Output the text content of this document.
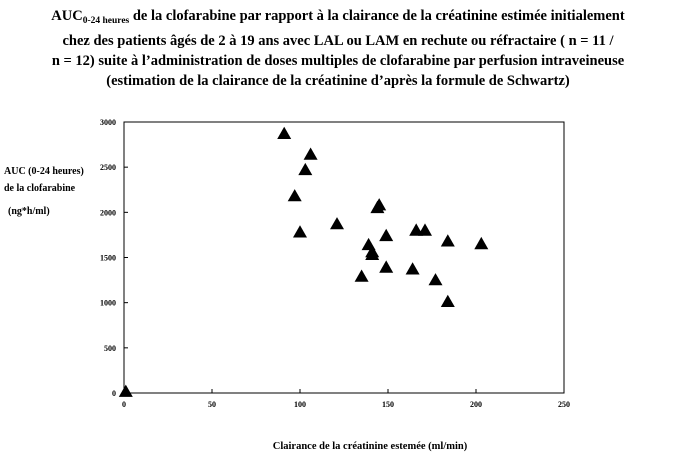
$AUC_{0-24 heures}$ de la clofarabine par rapport à la clairance de la créatinine estimée initialement
chez des patients âgés de 2 à 19 ans avec LAL ou LAM en rechute ou réfractaire ( n = 11 /
n = 12) suite à l’administration de doses multiples de clofarabine par perfusion intraveineuse
(estimation de la clairance de la créatinine d’après la formule de Schwartz)
AUC (0-24 heures)
de la clofarabine
(ng*h/ml)
0
500
1000
1500
2000
2500
3000
0	50	100	150	200	250
Clairance de la créatinine estemée (ml/min)
